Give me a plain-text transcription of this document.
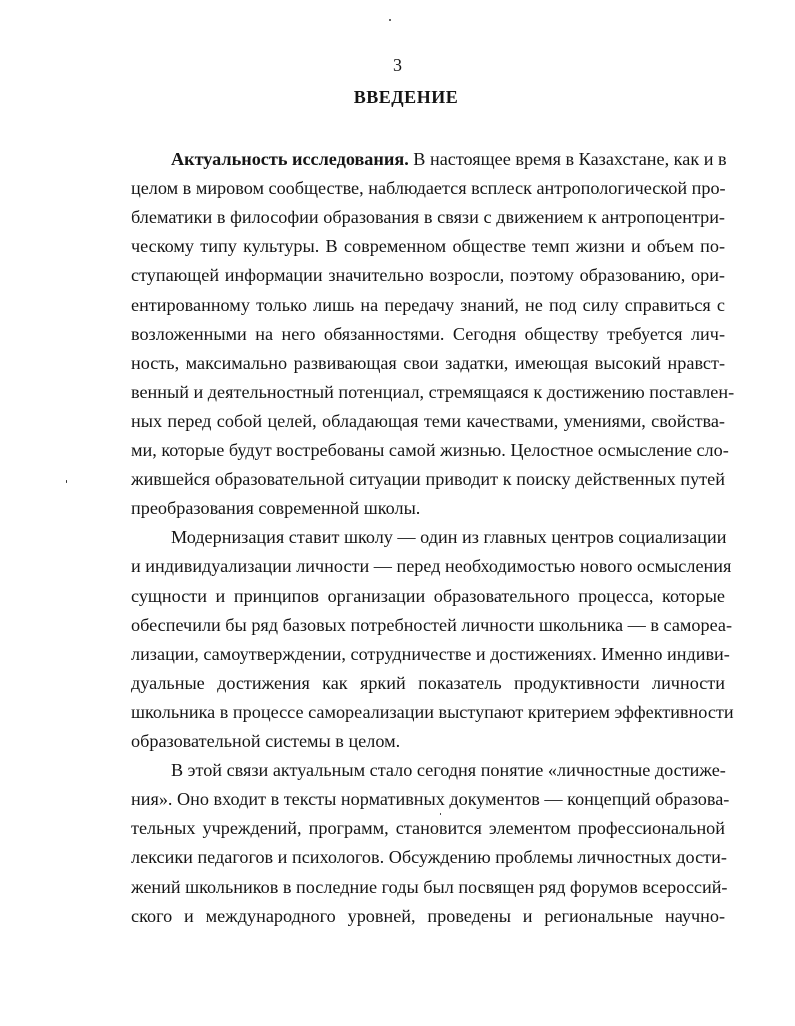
3
ВВЕДЕНИЕ
Актуальность исследования. В настоящее время в Казахстане, как и в
целом в мировом сообществе, наблюдается всплеск антропологической про-
блематики в философии образования в связи с движением к антропоцентри-
ческому типу культуры. В современном обществе темп жизни и объем по-
ступающей информации значительно возросли, поэтому образованию, ори-
ентированному только лишь на передачу знаний, не под силу справиться с
возложенными на него обязанностями. Сегодня обществу требуется лич-
ность, максимально развивающая свои задатки, имеющая высокий нравст-
венный и деятельностный потенциал, стремящаяся к достижению поставлен-
ных перед собой целей, обладающая теми качествами, умениями, свойства-
ми, которые будут востребованы самой жизнью. Целостное осмысление сло-
жившейся образовательной ситуации приводит к поиску действенных путей
преобразования современной школы.
Модернизация ставит школу — один из главных центров социализации
и индивидуализации личности — перед необходимостью нового осмысления
сущности и принципов организации образовательного процесса, которые
обеспечили бы ряд базовых потребностей личности школьника — в самореа-
лизации, самоутверждении, сотрудничестве и достижениях. Именно индиви-
дуальные достижения как яркий показатель продуктивности личности
школьника в процессе самореализации выступают критерием эффективности
образовательной системы в целом.
В этой связи актуальным стало сегодня понятие «личностные достиже-
ния». Оно входит в тексты нормативных документов — концепций образова-
тельных учреждений, программ, становится элементом профессиональной
лексики педагогов и психологов. Обсуждению проблемы личностных дости-
жений школьников в последние годы был посвящен ряд форумов всероссий-
ского и международного уровней, проведены и региональные научно-
